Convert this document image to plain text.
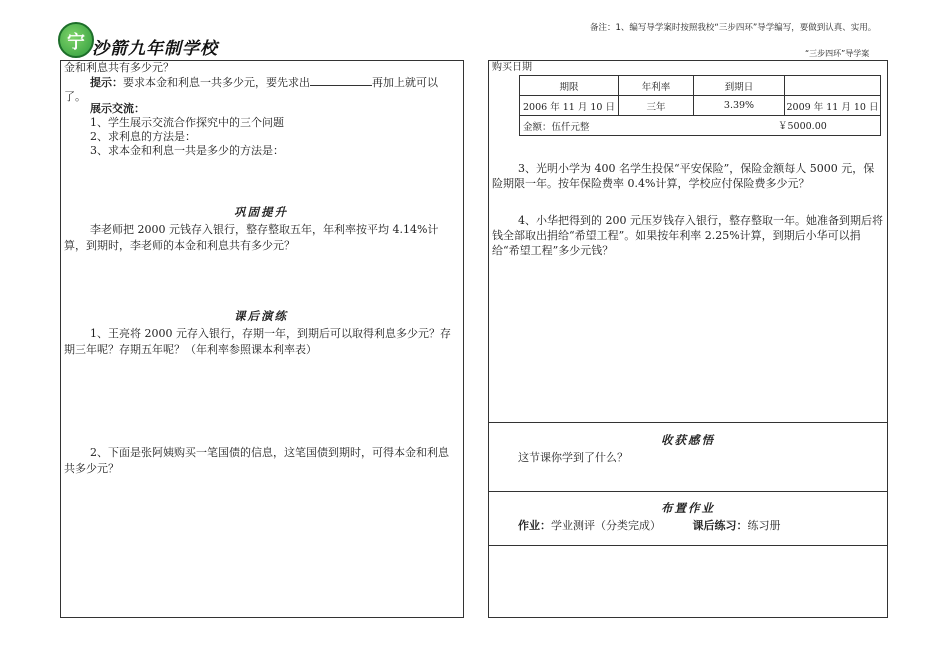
宁 沙箭九年制学校
备注：1、编写导学案时按照我校“三步四环”导学编写，要做到认真、实用。
“三步四环”导学案
金和利息共有多少元？
提示：要求本金和利息一共多少元，要先求出	再加上就可以了。
展示交流：
1、学生展示交流合作探究中的三个问题
2、求利息的方法是：
3、求本金和利息一共是多少的方法是：
巩固提升
李老师把 2000 元钱存入银行，整存整取五年，年利率按平均 4.14%计算，到期时，李老师的本金和利息共有多少元？
课后演练
1、王亮将 2000 元存入银行，存期一年，到期后可以取得利息多少元？存期三年呢？存期五年呢？（年利率参照课本利率表）
2、下面是张阿姨购买一笔国债的信息，这笔国债到期时，可得本金和利息共多少元？
购买日期
期限	年利率	到期日	
2006 年 11 月 10 日	三年	3.39%	2009 年 11 月 10 日
金额：伍仟元整 ￥5000.00			
3、光明小学为 400 名学生投保“平安保险”，保险金额每人 5000 元，保险期限一年。按年保险费率 0.4%计算，学校应付保险费多少元？
4、小华把得到的 200 元压岁钱存入银行，整存整取一年。她准备到期后将钱全部取出捐给“希望工程”。如果按年利率 2.25%计算，到期后小华可以捐给“希望工程”多少元钱？
收获感悟
这节课你学到了什么？
布置作业
作业：学业测评（分类完成）	课后练习：练习册
